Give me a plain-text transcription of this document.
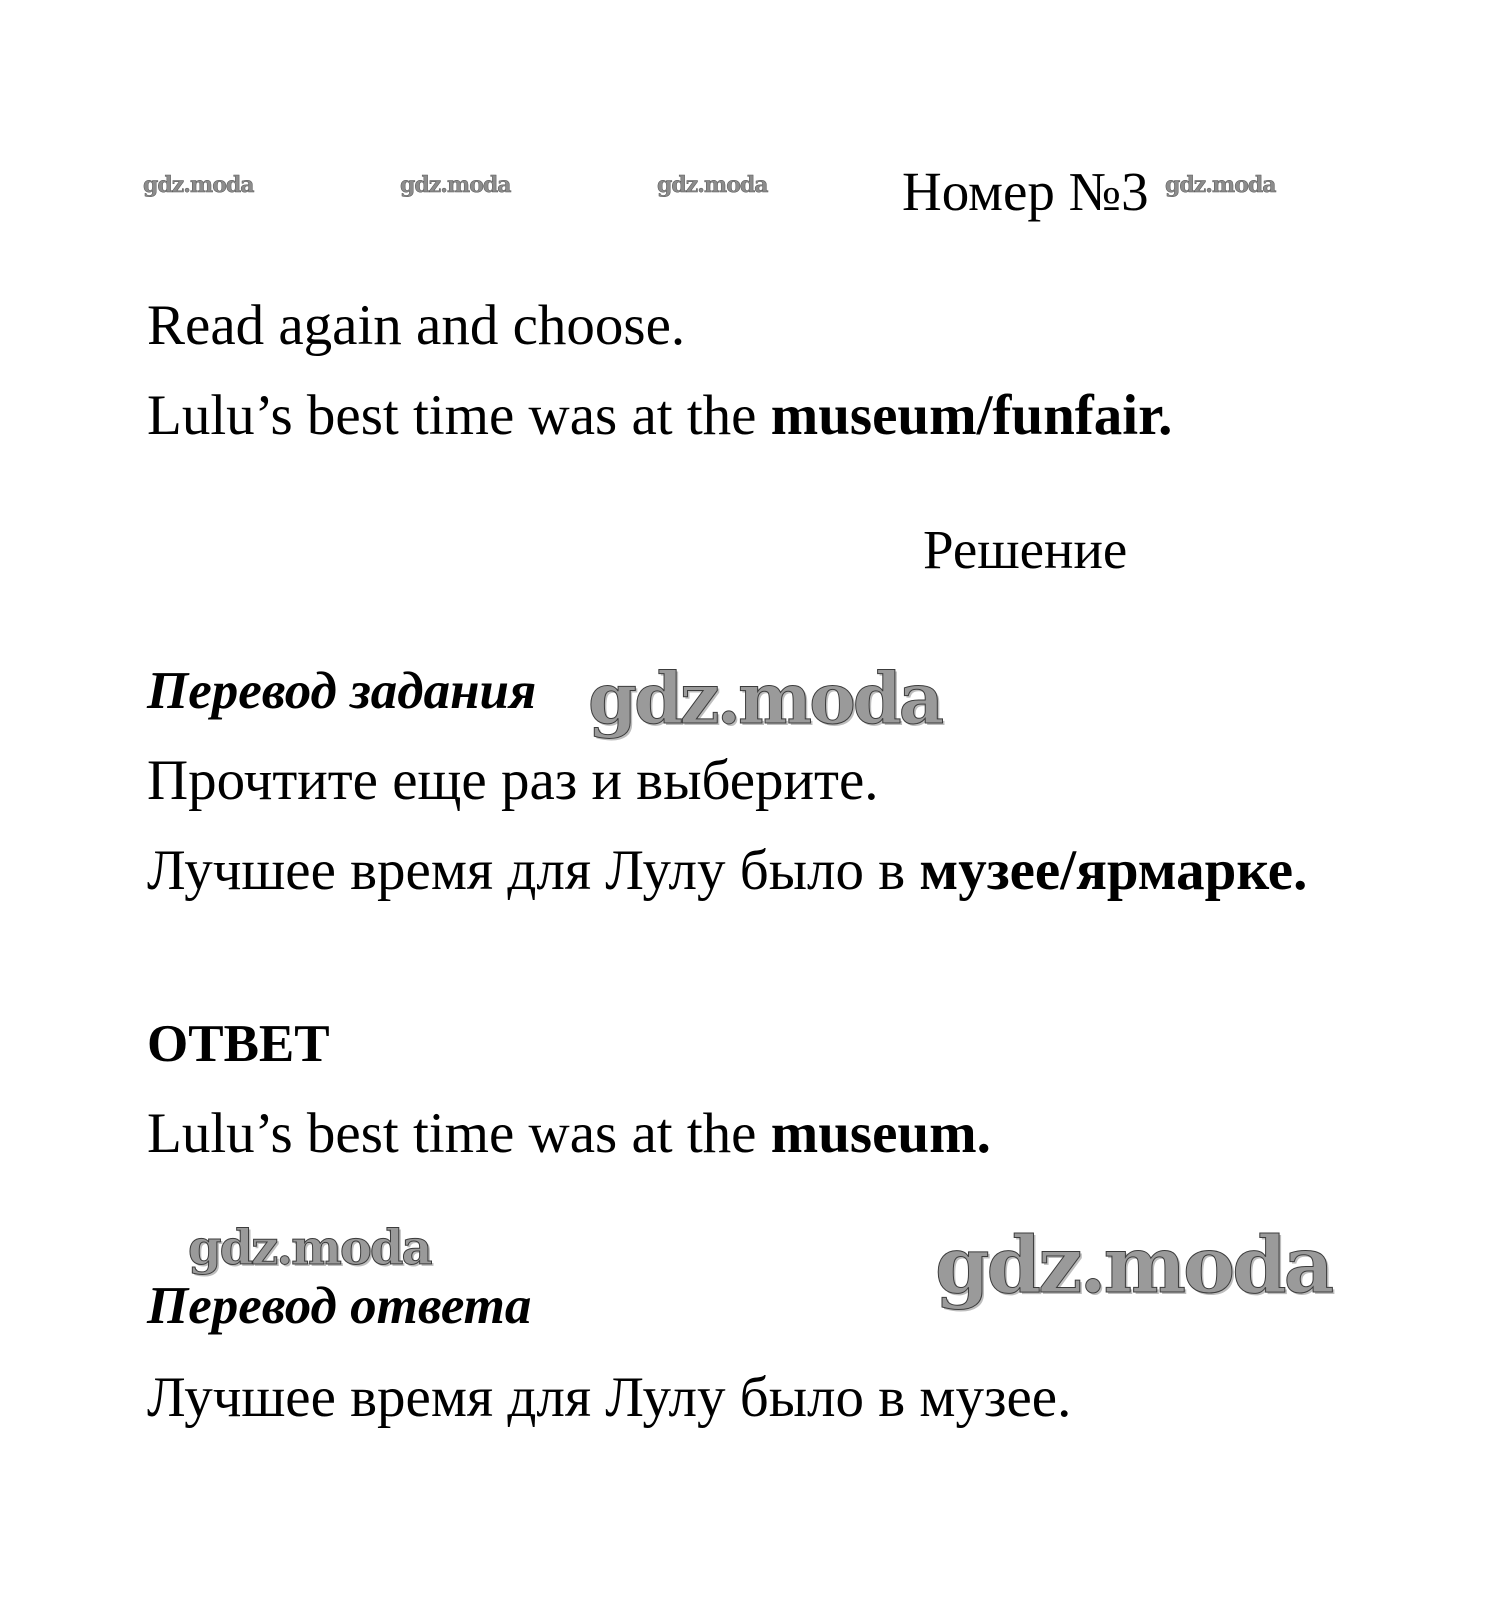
gdz.moda	gdz.moda	gdz.moda	gdz.moda
Номер №3
Read again and choose.
Lulu’s best time was at the museum/funfair.
Решение
Перевод задания gdz.moda
Прочтите еще раз и выберите.
Лучшее время для Лулу было в музее/ярмарке.
ОТВЕТ
Lulu’s best time was at the museum.
gdz.moda	gdz.moda
Перевод ответа
Лучшее время для Лулу было в музее.
